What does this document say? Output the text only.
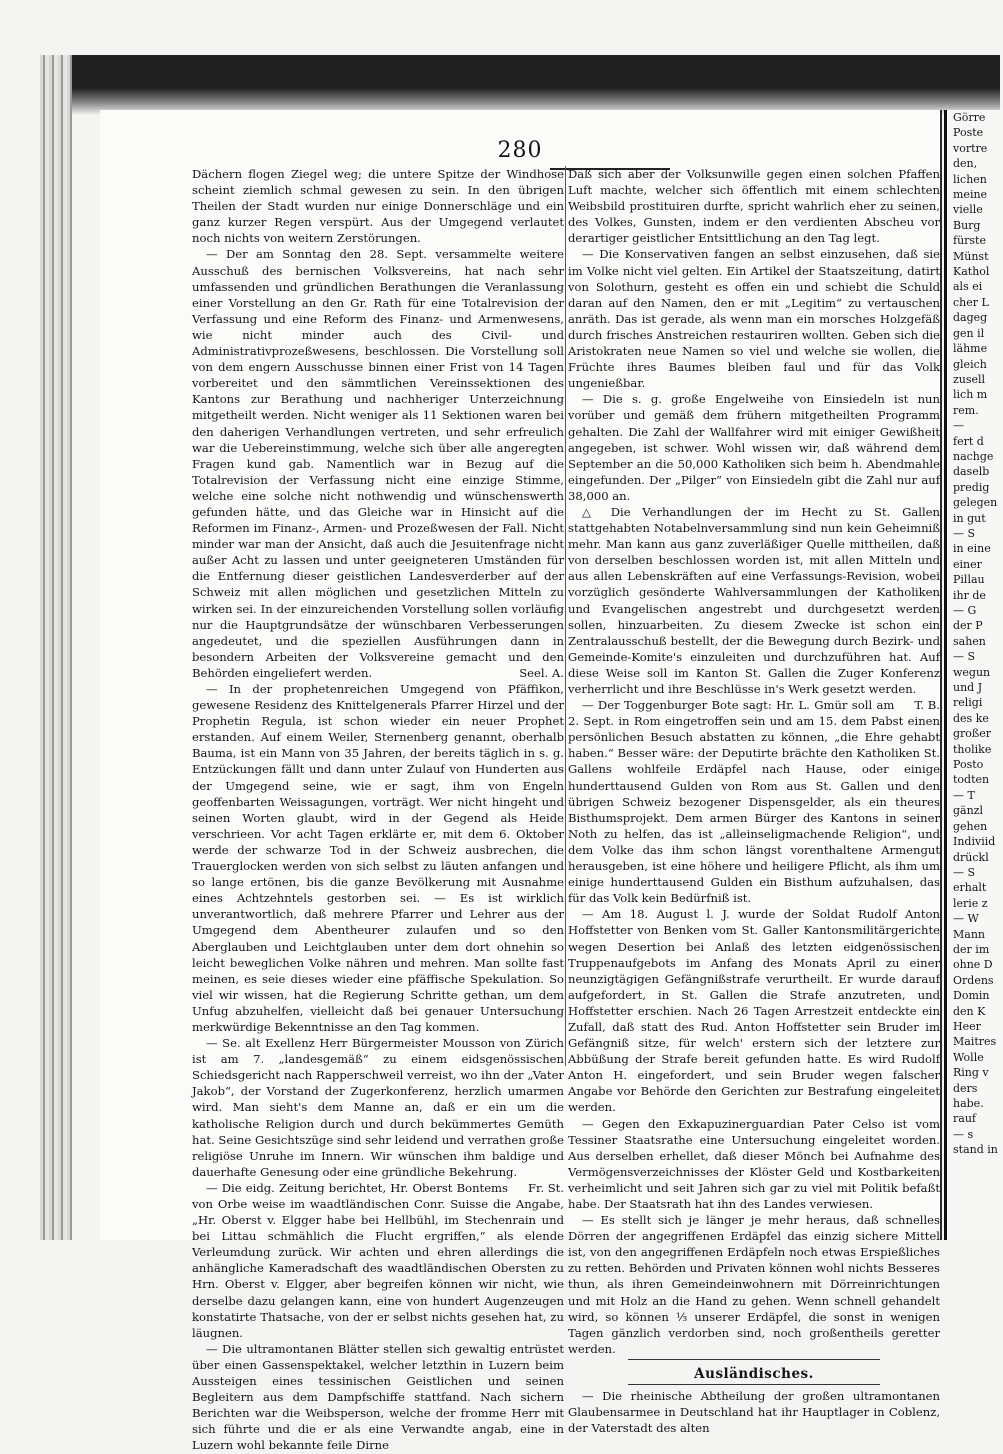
280

Dächern flogen Ziegel weg; die untere Spitze der Windhose scheint ziemlich schmal gewesen zu sein. In den übrigen Theilen der Stadt wurden nur einige Donnerschläge und ein ganz kurzer Regen verspürt. Aus der Umgegend verlautet noch nichts von weitern Zerstörungen.

— Der am Sonntag den 28. Sept. versammelte weitere Ausschuß des bernischen Volksvereins, hat nach sehr umfassenden und gründlichen Berathungen die Veranlassung einer Vorstellung an den Gr. Rath für eine Totalrevision der Verfassung und eine Reform des Finanz- und Armenwesens, wie nicht minder auch des Civil- und Administrativprozeßwesens, beschlossen. Die Vorstellung soll von dem engern Ausschusse binnen einer Frist von 14 Tagen vorbereitet und den sämmtlichen Vereinssektionen des Kantons zur Berathung und nachheriger Unterzeichnung mitgetheilt werden. Nicht weniger als 11 Sektionen waren bei den daherigen Verhandlungen vertreten, und sehr erfreulich war die Uebereinstimmung, welche sich über alle angeregten Fragen kund gab. Namentlich war in Bezug auf die Totalrevision der Verfassung nicht eine einzige Stimme, welche eine solche nicht nothwendig und wünschenswerth gefunden hätte, und das Gleiche war in Hinsicht auf die Reformen im Finanz-, Armen- und Prozeßwesen der Fall. Nicht minder war man der Ansicht, daß auch die Jesuitenfrage nicht außer Acht zu lassen und unter geeigneteren Umständen für die Entfernung dieser geistlichen Landesverderber auf der Schweiz mit allen möglichen und gesetzlichen Mitteln zu wirken sei. In der einzureichenden Vorstellung sollen vorläufig nur die Hauptgrundsätze der wünschbaren Verbesserungen angedeutet, und die speziellen Ausführungen dann in besondern Arbeiten der Volksvereine gemacht und den Behörden eingeliefert werden.	Seel. A.

— In der prophetenreichen Umgegend von Pfäffikon, gewesene Residenz des Knittelgenerals Pfarrer Hirzel und der Prophetin Regula, ist schon wieder ein neuer Prophet erstanden. Auf einem Weiler, Sternenberg genannt, oberhalb Bauma, ist ein Mann von 35 Jahren, der bereits täglich in s. g. Entzückungen fällt und dann unter Zulauf von Hunderten aus der Umgegend seine, wie er sagt, ihm von Engeln geoffenbarten Weissagungen, vorträgt. Wer nicht hingeht und seinen Worten glaubt, wird in der Gegend als Heide verschrieen. Vor acht Tagen erklärte er, mit dem 6. Oktober werde der schwarze Tod in der Schweiz ausbrechen, die Trauerglocken werden von sich selbst zu läuten anfangen und so lange ertönen, bis die ganze Bevölkerung mit Ausnahme eines Achtzehntels gestorben sei. — Es ist wirklich unverantwortlich, daß mehrere Pfarrer und Lehrer aus der Umgegend dem Abentheurer zulaufen und so den Aberglauben und Leichtglauben unter dem dort ohnehin so leicht beweglichen Volke nähren und mehren. Man sollte fast meinen, es seie dieses wieder eine pfäffische Spekulation. So viel wir wissen, hat die Regierung Schritte gethan, um dem Unfug abzuhelfen, vielleicht daß bei genauer Untersuchung merkwürdige Bekenntnisse an den Tag kommen.

— Se. alt Exellenz Herr Bürgermeister Mousson von Zürich ist am 7. „landesgemäß“ zu einem eidsgenössischen Schiedsgericht nach Rapperschweil verreist, wo ihn der „Vater Jakob“, der Vorstand der Zugerkonferenz, herzlich umarmen wird. Man sieht's dem Manne an, daß er ein um die katholische Religion durch und durch bekümmertes Gemüth hat. Seine Gesichtszüge sind sehr leidend und verrathen große religiöse Unruhe im Innern. Wir wünschen ihm baldige und dauerhafte Genesung oder eine gründliche Bekehrung.
Fr. St.

— Die eidg. Zeitung berichtet, Hr. Oberst Bontems von Orbe weise im waadtländischen Conr. Suisse die Angabe, „Hr. Oberst v. Elgger habe bei Hellbühl, im Stechenrain und bei Littau schmählich die Flucht ergriffen,“ als elende Verleumdung zurück. Wir achten und ehren allerdings die anhängliche Kameradschaft des waadtländischen Obersten zu Hrn. Oberst v. Elgger, aber begreifen können wir nicht, wie derselbe dazu gelangen kann, eine von hundert Augenzeugen konstatirte Thatsache, von der er selbst nichts gesehen hat, zu läugnen.

— Die ultramontanen Blätter stellen sich gewaltig entrüstet über einen Gassenspektakel, welcher letzthin in Luzern beim Aussteigen eines tessinischen Geistlichen und seinen Begleitern aus dem Dampfschiffe stattfand. Nach sichern Berichten war die Weibsperson, welche der fromme Herr mit sich führte und die er als eine Verwandte angab, eine in Luzern wohl bekannte feile Dirne

Daß sich aber der Volksunwille gegen einen solchen Pfaffen Luft machte, welcher sich öffentlich mit einem schlechten Weibsbild prostituiren durfte, spricht wahrlich eher zu seinen, des Volkes, Gunsten, indem er den verdienten Abscheu vor derartiger geistlicher Entsittlichung an den Tag legt.

— Die Konservativen fangen an selbst einzusehen, daß sie im Volke nicht viel gelten. Ein Artikel der Staatszeitung, datirt von Solothurn, gesteht es offen ein und schiebt die Schuld daran auf den Namen, den er mit „Legitim“ zu vertauschen anräth. Das ist gerade, als wenn man ein morsches Holzgefäß durch frisches Anstreichen restauriren wollten. Geben sich die Aristokraten neue Namen so viel und welche sie wollen, die Früchte ihres Baumes bleiben faul und für das Volk ungenießbar.

— Die s. g. große Engelweihe von Einsiedeln ist nun vorüber und gemäß dem frühern mitgetheilten Programm gehalten. Die Zahl der Wallfahrer wird mit einiger Gewißheit angegeben, ist schwer. Wohl wissen wir, daß während dem September an die 50,000 Katholiken sich beim h. Abendmahle eingefunden. Der „Pilger“ von Einsiedeln gibt die Zahl nur auf 38,000 an.

△ Die Verhandlungen der im Hecht zu St. Gallen stattgehabten Notabelnversammlung sind nun kein Geheimniß mehr. Man kann aus ganz zuverläßiger Quelle mittheilen, daß von derselben beschlossen worden ist, mit allen Mitteln und aus allen Lebenskräften auf eine Verfassungs-Revision, wobei vorzüglich gesönderte Wahlversammlungen der Katholiken und Evangelischen angestrebt und durchgesetzt werden sollen, hinzuarbeiten. Zu diesem Zwecke ist schon ein Zentralausschuß bestellt, der die Bewegung durch Bezirk- und Gemeinde-Komite's einzuleiten und durchzuführen hat. Auf diese Weise soll im Kanton St. Gallen die Zuger Konferenz verherrlicht und ihre Beschlüsse in's Werk gesetzt werden.
T. B.

— Der Toggenburger Bote sagt: Hr. L. Gmür soll am 2. Sept. in Rom eingetroffen sein und am 15. dem Pabst einen persönlichen Besuch abstatten zu können, „die Ehre gehabt haben.“ Besser wäre: der Deputirte brächte den Katholiken St. Gallens wohlfeile Erdäpfel nach Hause, oder einige hunderttausend Gulden von Rom aus St. Gallen und den übrigen Schweiz bezogener Dispensgelder, als ein theures Bisthumsprojekt. Dem armen Bürger des Kantons in seiner Noth zu helfen, das ist „alleinseligmachende Religion“, und dem Volke das ihm schon längst vorenthaltene Armengut herausgeben, ist eine höhere und heiligere Pflicht, als ihm um einige hunderttausend Gulden ein Bisthum aufzuhalsen, das für das Volk kein Bedürfniß ist.

— Am 18. August l. J. wurde der Soldat Rudolf Anton Hoffstetter von Benken vom St. Galler Kantonsmilitärgerichte wegen Desertion bei Anlaß des letzten eidgenössischen Truppenaufgebots im Anfang des Monats April zu einer neunzigtägigen Gefängnißstrafe verurtheilt. Er wurde darauf aufgefordert, in St. Gallen die Strafe anzutreten, und Hoffstetter erschien. Nach 26 Tagen Arrestzeit entdeckte ein Zufall, daß statt des Rud. Anton Hoffstetter sein Bruder im Gefängniß sitze, für welch' erstern sich der letztere zur Abbüßung der Strafe bereit gefunden hatte. Es wird Rudolf Anton H. eingefordert, und sein Bruder wegen falscher Angabe vor Behörde den Gerichten zur Bestrafung eingeleitet werden.

— Gegen den Exkapuzinerguardian Pater Celso ist vom Tessiner Staatsrathe eine Untersuchung eingeleitet worden. Aus derselben erhellet, daß dieser Mönch bei Aufnahme des Vermögensverzeichnisses der Klöster Geld und Kostbarkeiten verheimlicht und seit Jahren sich gar zu viel mit Politik befaßt habe. Der Staatsrath hat ihn des Landes verwiesen.

— Es stellt sich je länger je mehr heraus, daß schnelles Dörren der angegriffenen Erdäpfel das einzig sichere Mittel ist, von den angegriffenen Erdäpfeln noch etwas Erspießliches zu retten. Behörden und Privaten können wohl nichts Besseres thun, als ihren Gemeindeinwohnern mit Dörreinrichtungen und mit Holz an die Hand zu gehen. Wenn schnell gehandelt wird, so können ⅓ unserer Erdäpfel, die sonst in wenigen Tagen gänzlich verdorben sind, noch großentheils geretter werden.

Ausländisches.

— Die rheinische Abtheilung der großen ultramontanen Glaubensarmee in Deutschland hat ihr Hauptlager in Coblenz, der Vaterstadt des alten

Görre
Poste
vortre
den,
lichen
meine
vielle
Burg
fürste
Münst
Kathol
als ei
cher L
dageg
gen il
lähme
gleich
zusell
lich m
rem.
—
fert d
nachge
daselb
predig
gelegen
in gut
— S
in eine
einer
Pillau
ihr de
— G
der P
sahen
— S
wegun
und J
religi
des ke
großer
tholike
Posto
todten
— T
gänzl
gehen
Indiviid
drückl
— S
erhalt
lerie z
— W
Mann
der im
ohne D
Ordens
Domin
den K
Heer
Maitres
Wolle
Ring v
ders
habe.
rauf
— s
stand in
